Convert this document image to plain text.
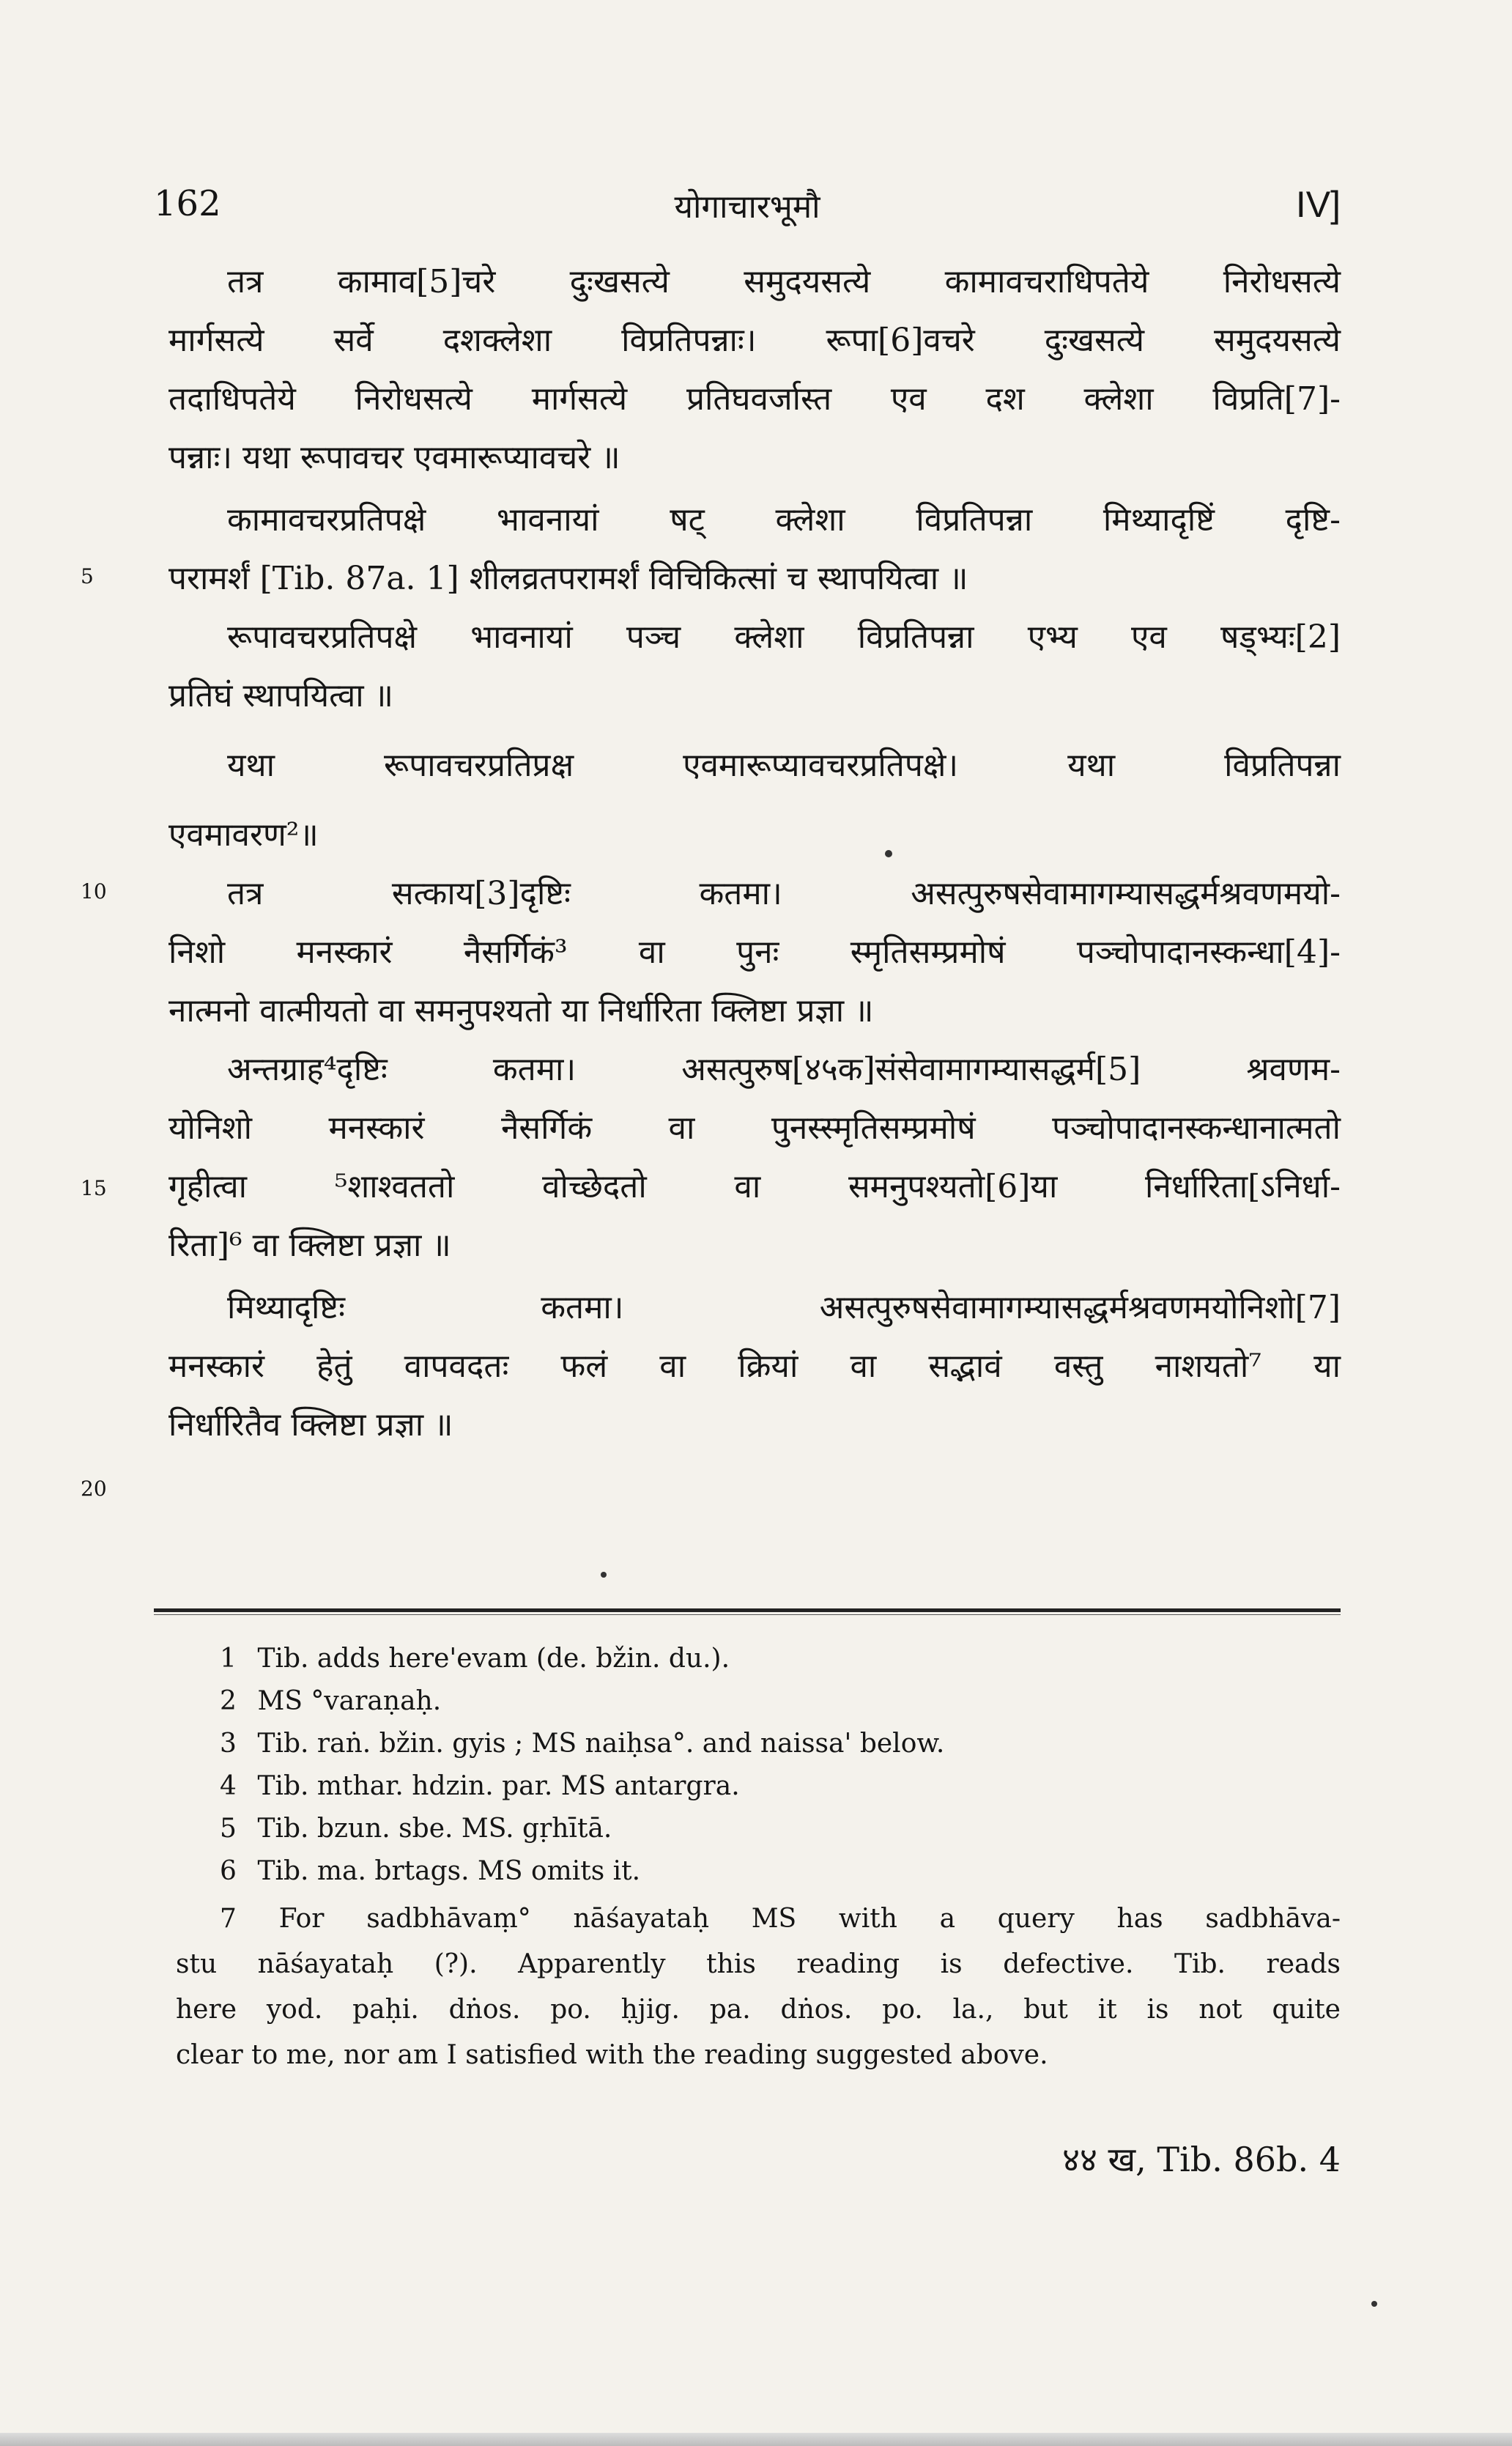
162	योगाचारभूमौ	IV]
तत्र कामाव[5]चरे दुःखसत्ये समुदयसत्ये कामावचराधिपतेये निरोधसत्ये
मार्गसत्ये सर्वे दशक्लेशा विप्रतिपन्नाः। रूपा[6]वचरे दुःखसत्ये समुदयसत्ये
तदाधिपतेये निरोधसत्ये मार्गसत्ये प्रतिघवर्जास्त एव दश क्लेशा विप्रति[7]-
पन्नाः। यथा रूपावचर एवमारूप्यावचरे ॥
कामावचरप्रतिपक्षे भावनायां षट् क्लेशा विप्रतिपन्ना मिथ्यादृष्टिं दृष्टि-
परामर्शं [Tib. 87a. 1] शीलव्रतपरामर्शं विचिकित्सां च स्थापयित्वा ॥
रूपावचरप्रतिपक्षे भावनायां पञ्च क्लेशा विप्रतिपन्ना एभ्य एव षड्भ्यः[2]
प्रतिघं स्थापयित्वा ॥
यथा रूपावचरप्रतिप्रक्ष एवमारूप्यावचरप्रतिपक्षे। यथा विप्रतिपन्ना
एवमावरण²॥
तत्र सत्काय[3]दृष्टिः कतमा। असत्पुरुषसेवामागम्यासद्धर्मश्रवणमयो-
निशो मनस्कारं नैसर्गिकं³ वा पुनः स्मृतिसम्प्रमोषं पञ्चोपादानस्कन्धा[4]-
नात्मनो वात्मीयतो वा समनुपश्यतो या निर्धारिता क्लिष्टा प्रज्ञा ॥
अन्तग्राह⁴दृष्टिः कतमा। असत्पुरुष[४५क]संसेवामागम्यासद्धर्म[5] श्रवणम-
योनिशो मनस्कारं नैसर्गिकं वा पुनस्स्मृतिसम्प्रमोषं पञ्चोपादानस्कन्धानात्मतो
गृहीत्वा ⁵शाश्वततो वोच्छेदतो वा समनुपश्यतो[6]या निर्धारिता[ऽनिर्धा-
रिता]⁶ वा क्लिष्टा प्रज्ञा ॥
मिथ्यादृष्टिः कतमा। असत्पुरुषसेवामागम्यासद्धर्मश्रवणमयोनिशो[7]
मनस्कारं हेतुं वापवदतः फलं वा क्रियां वा सद्भावं वस्तु नाशयतो⁷ या
निर्धारितैव क्लिष्टा प्रज्ञा ॥
5
10
15
20
1 Tib. adds here'evam (de. bžin. du.).
2 MS °varaṇaḥ.
3 Tib. raṅ. bžin. gyis ; MS naiḥsa°. and naissa' below.
4 Tib. mthar. hdzin. par. MS antargra.
5 Tib. bzun. sbe. MS. gṛhītā.
6 Tib. ma. brtags. MS omits it.
7 For sadbhāvaṃ° nāśayataḥ MS with a query has sadbhāva-
stu nāśayataḥ (?). Apparently this reading is defective. Tib. reads
here yod. paḥi. dṅos. po. ḥjig. pa. dṅos. po. la., but it is not quite
clear to me, nor am I satisfied with the reading suggested above.
४४ ख, Tib. 86b. 4
